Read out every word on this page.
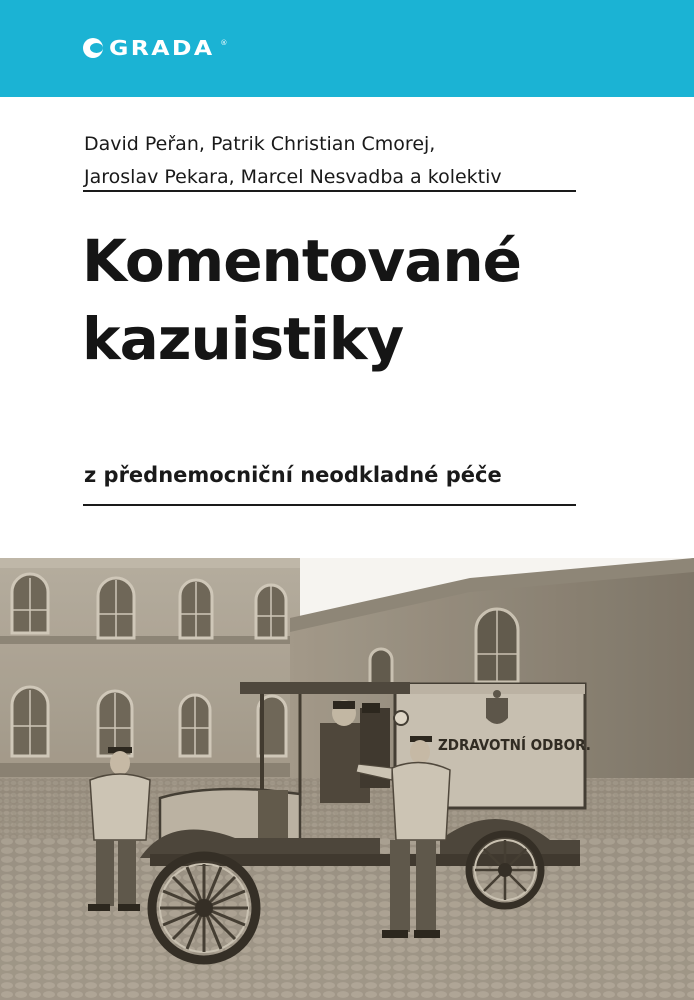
GRADA ®
David Peřan, Patrik Christian Cmorej,
Jaroslav Pekara, Marcel Nesvadba a kolektiv
Komentované
kazuistiky
z přednemocniční neodkladné péče
ZDRAVOTNÍ ODBOR.
